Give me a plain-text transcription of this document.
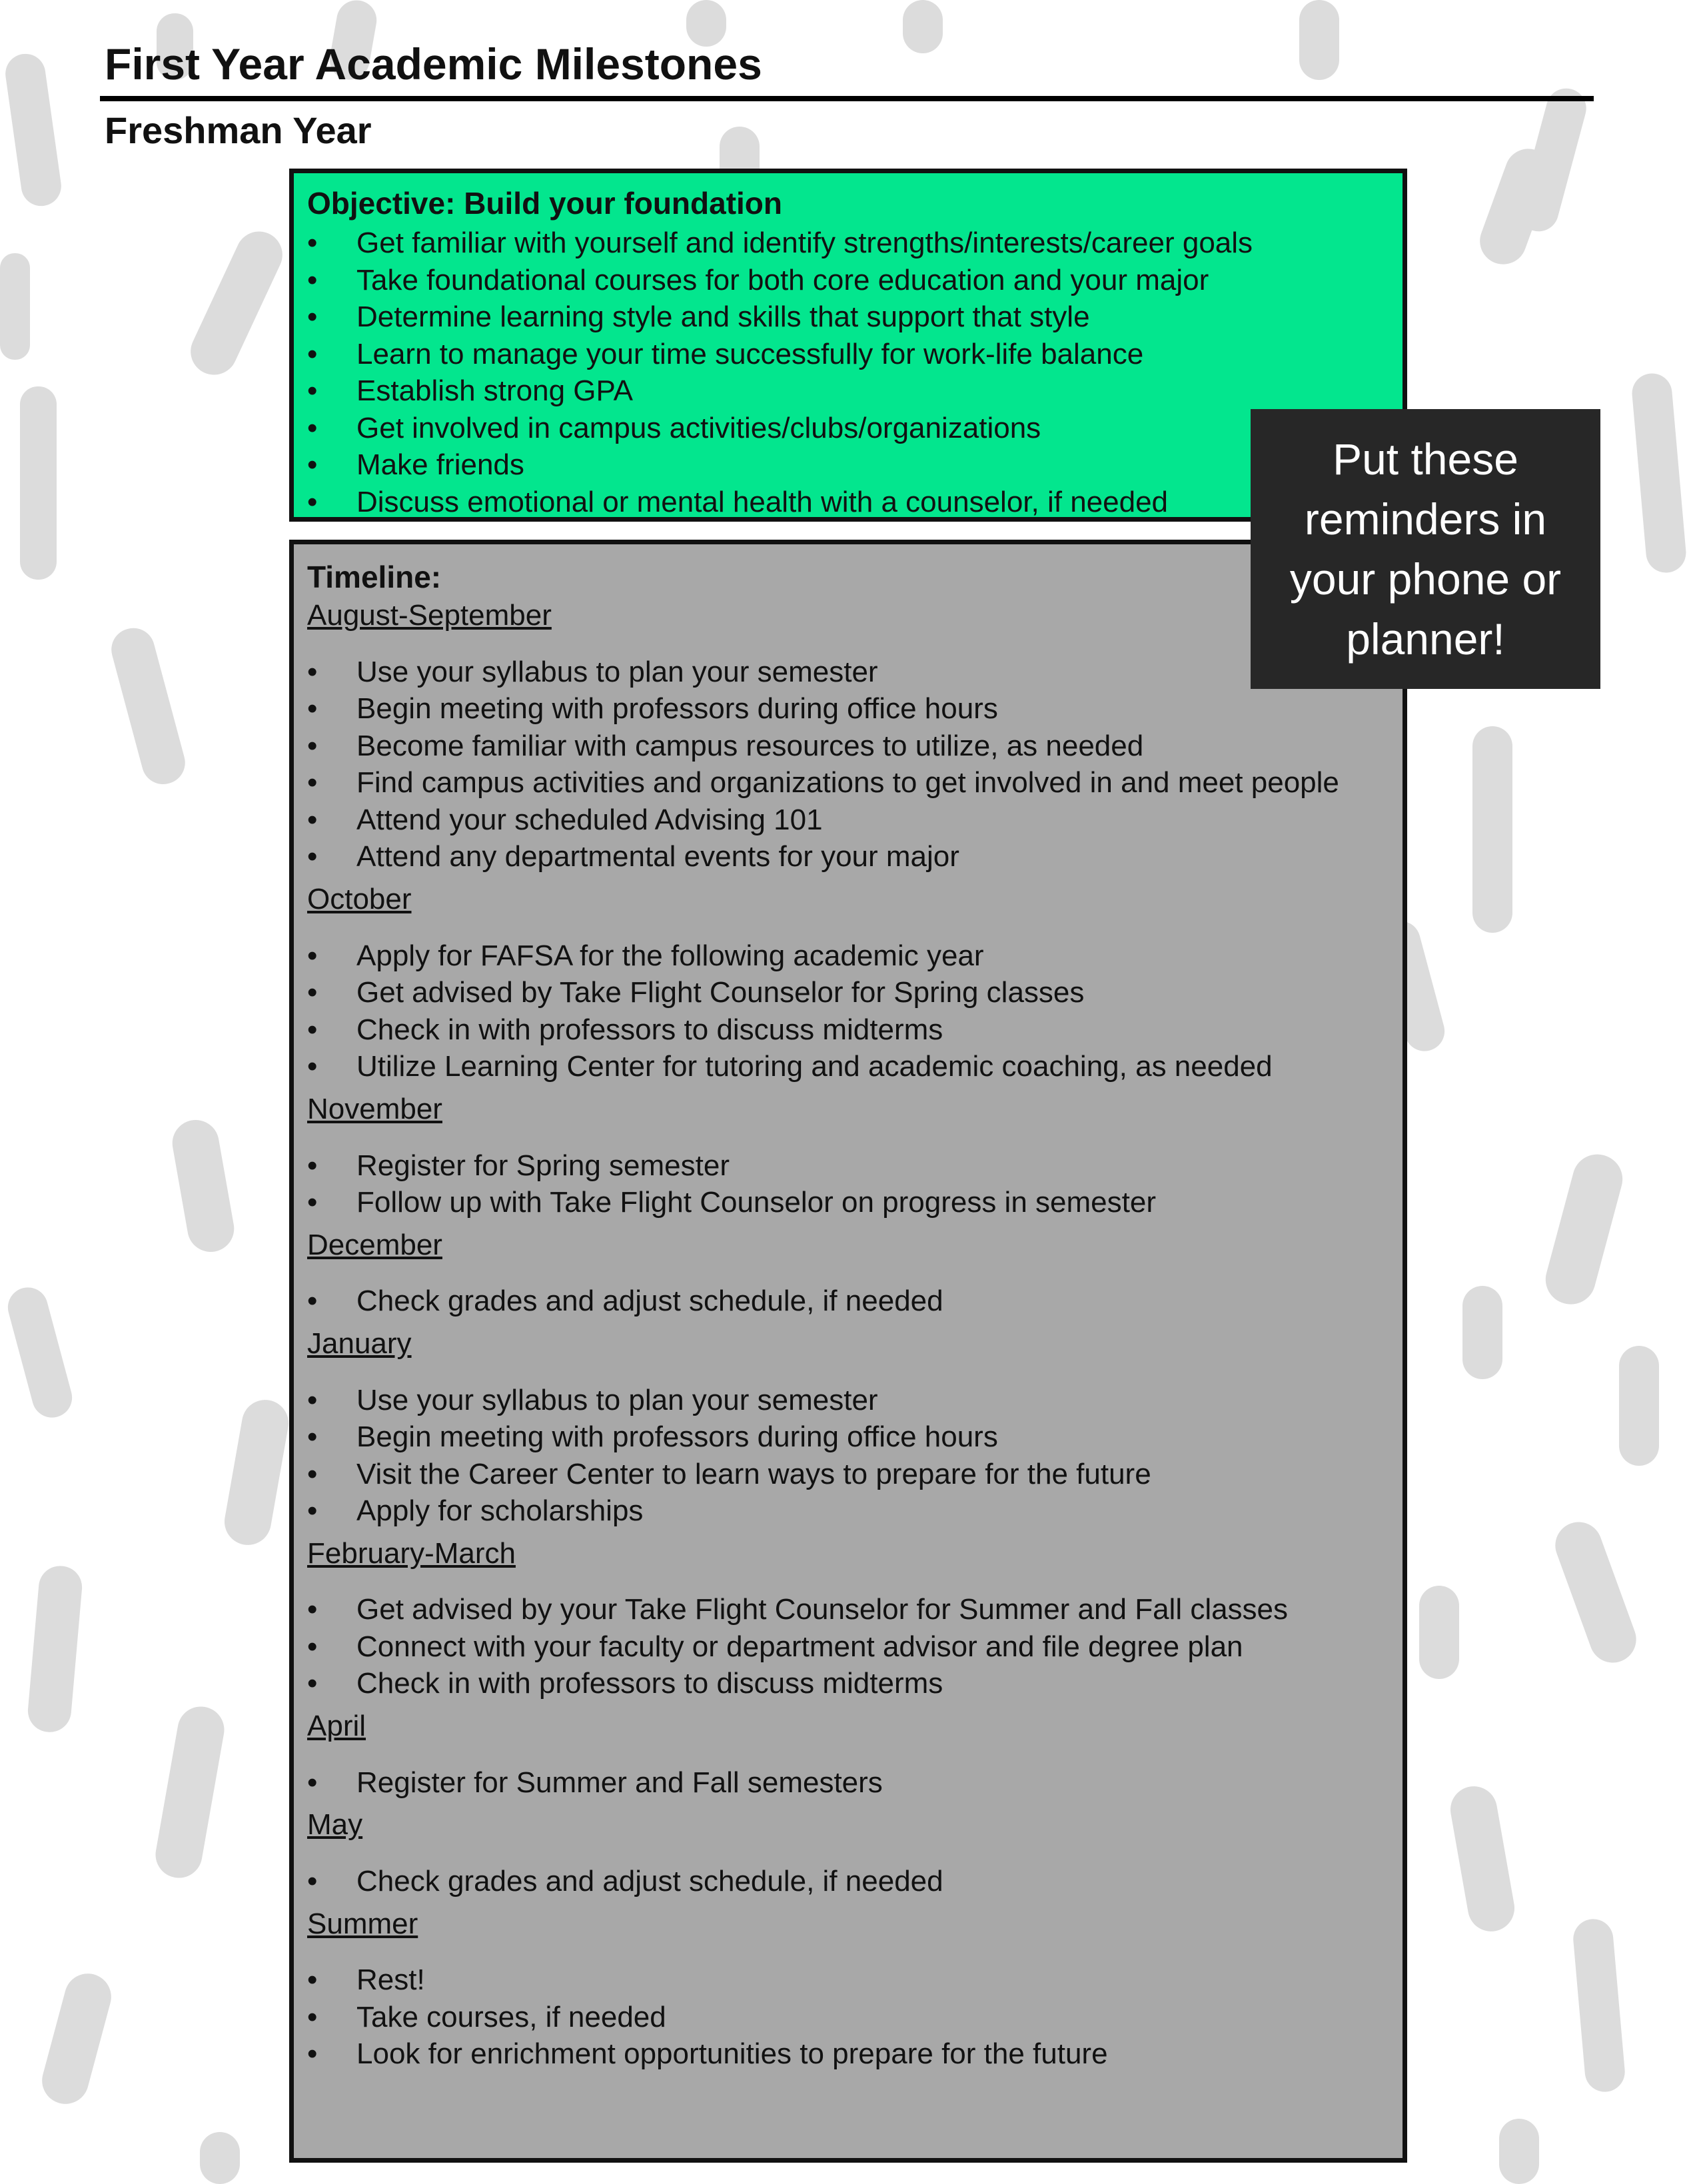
First Year Academic Milestones
Freshman Year
Objective: Build your foundation
• Get familiar with yourself and identify strengths/interests/career goals
• Take foundational courses for both core education and your major
• Determine learning style and skills that support that style
• Learn to manage your time successfully for work-life balance
• Establish strong GPA
• Get involved in campus activities/clubs/organizations
• Make friends
• Discuss emotional or mental health with a counselor, if needed
Timeline:
August-September
• Use your syllabus to plan your semester
• Begin meeting with professors during office hours
• Become familiar with campus resources to utilize, as needed
• Find campus activities and organizations to get involved in and meet people
• Attend your scheduled Advising 101
• Attend any departmental events for your major
October
• Apply for FAFSA for the following academic year
• Get advised by Take Flight Counselor for Spring classes
• Check in with professors to discuss midterms
• Utilize Learning Center for tutoring and academic coaching, as needed
November
• Register for Spring semester
• Follow up with Take Flight Counselor on progress in semester
December
• Check grades and adjust schedule, if needed
January
• Use your syllabus to plan your semester
• Begin meeting with professors during office hours
• Visit the Career Center to learn ways to prepare for the future
• Apply for scholarships
February-March
• Get advised by your Take Flight Counselor for Summer and Fall classes
• Connect with your faculty or department advisor and file degree plan
• Check in with professors to discuss midterms
April
• Register for Summer and Fall semesters
May
• Check grades and adjust schedule, if needed
Summer
• Rest!
• Take courses, if needed
• Look for enrichment opportunities to prepare for the future
Put these reminders in your phone or planner!
